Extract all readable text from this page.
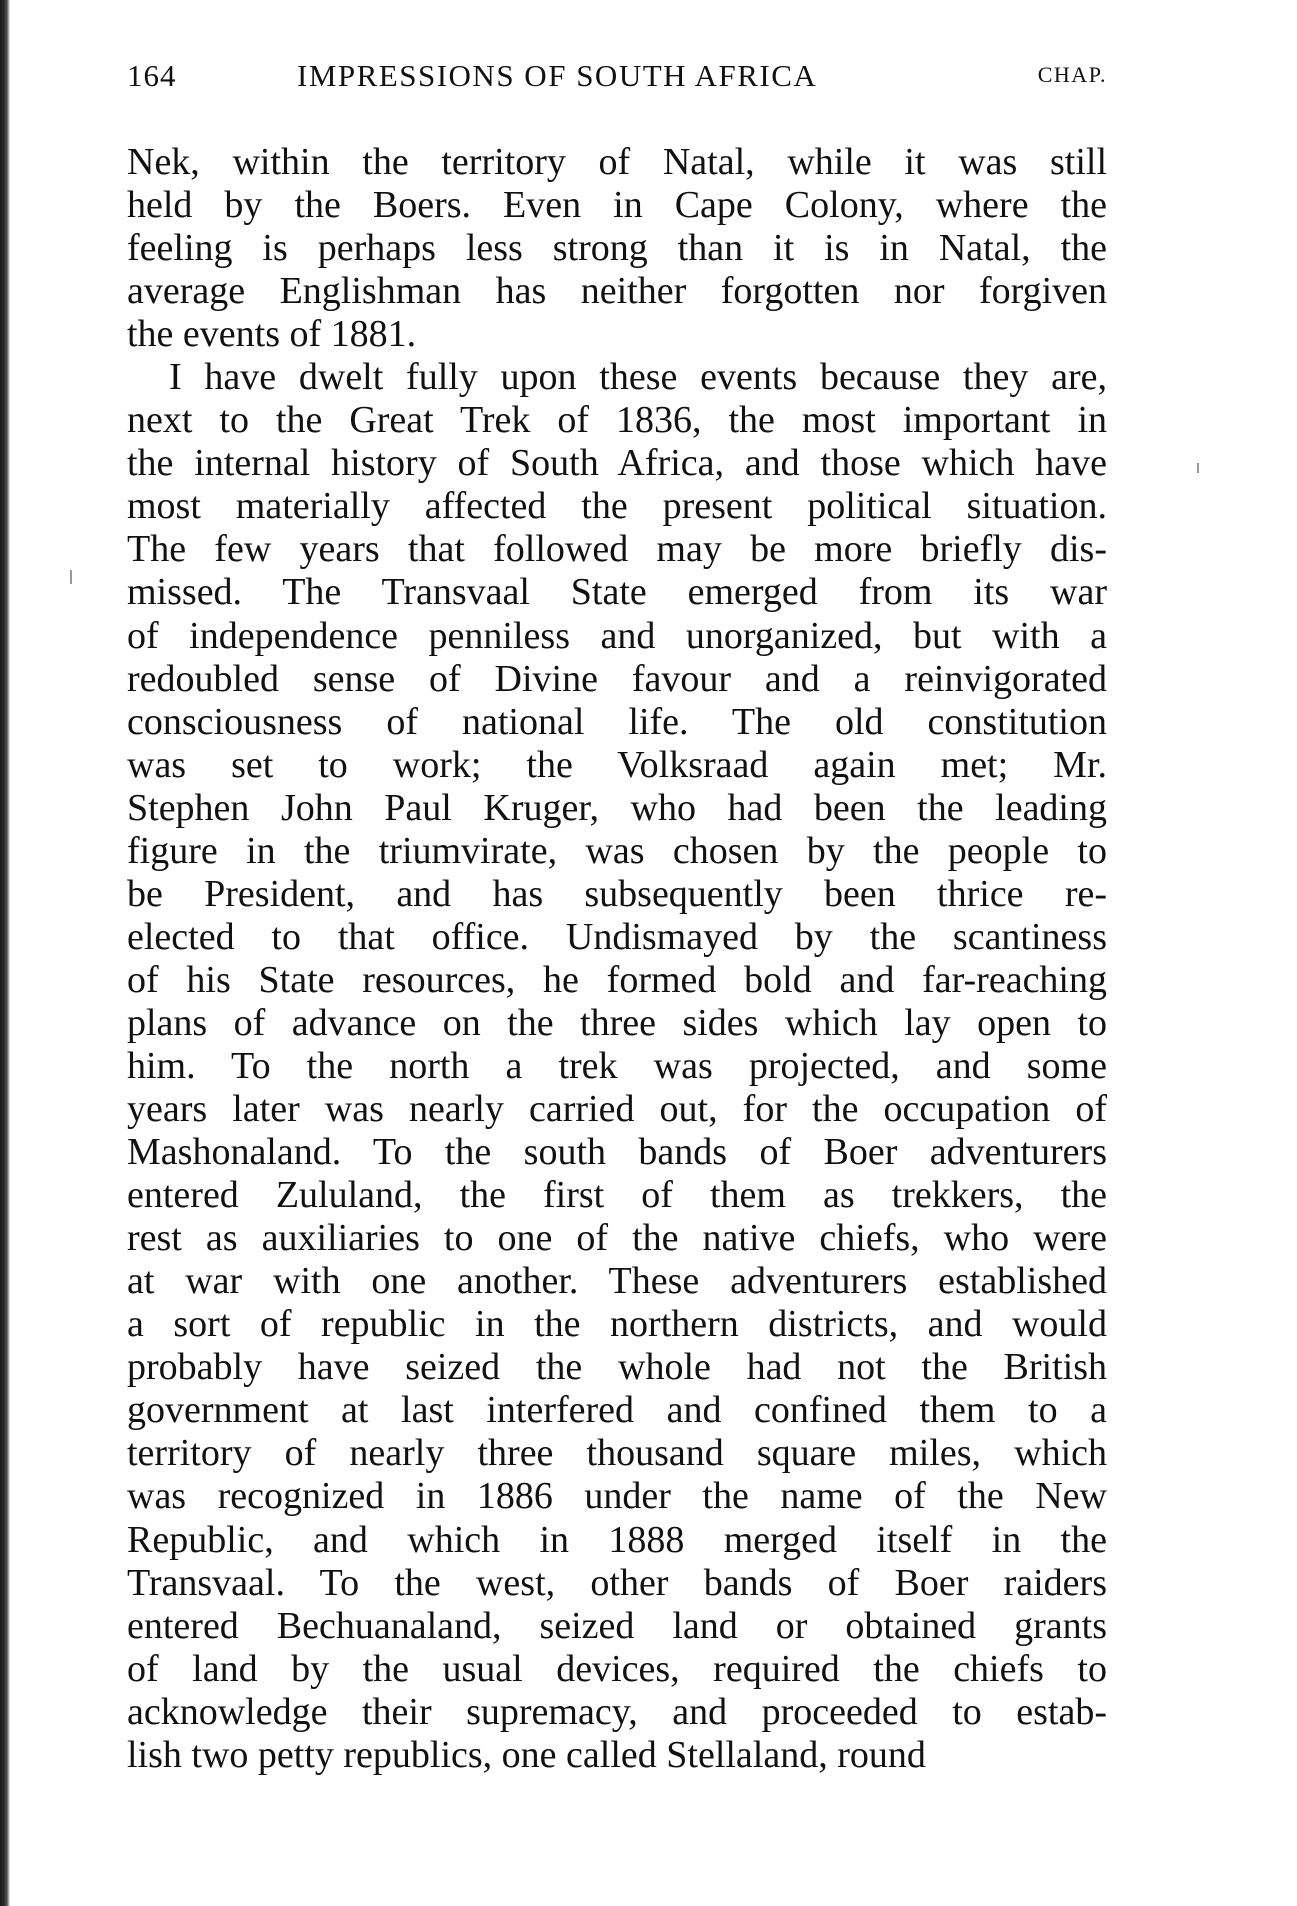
164	IMPRESSIONS OF SOUTH AFRICA	CHAP.
Nek, within the territory of Natal, while it was still
held by the Boers. Even in Cape Colony, where the
feeling is perhaps less strong than it is in Natal, the
average Englishman has neither forgotten nor forgiven
the events of 1881.
I have dwelt fully upon these events because they are,
next to the Great Trek of 1836, the most important in
the internal history of South Africa, and those which have
most materially affected the present political situation.
The few years that followed may be more briefly dis-
missed. The Transvaal State emerged from its war
of independence penniless and unorganized, but with a
redoubled sense of Divine favour and a reinvigorated
consciousness of national life. The old constitution
was set to work; the Volksraad again met; Mr.
Stephen John Paul Kruger, who had been the leading
figure in the triumvirate, was chosen by the people to
be President, and has subsequently been thrice re-
elected to that office. Undismayed by the scantiness
of his State resources, he formed bold and far-reaching
plans of advance on the three sides which lay open to
him. To the north a trek was projected, and some
years later was nearly carried out, for the occupation of
Mashonaland. To the south bands of Boer adventurers
entered Zululand, the first of them as trekkers, the
rest as auxiliaries to one of the native chiefs, who were
at war with one another. These adventurers established
a sort of republic in the northern districts, and would
probably have seized the whole had not the British
government at last interfered and confined them to a
territory of nearly three thousand square miles, which
was recognized in 1886 under the name of the New
Republic, and which in 1888 merged itself in the
Transvaal. To the west, other bands of Boer raiders
entered Bechuanaland, seized land or obtained grants
of land by the usual devices, required the chiefs to
acknowledge their supremacy, and proceeded to estab-
lish two petty republics, one called Stellaland, round
